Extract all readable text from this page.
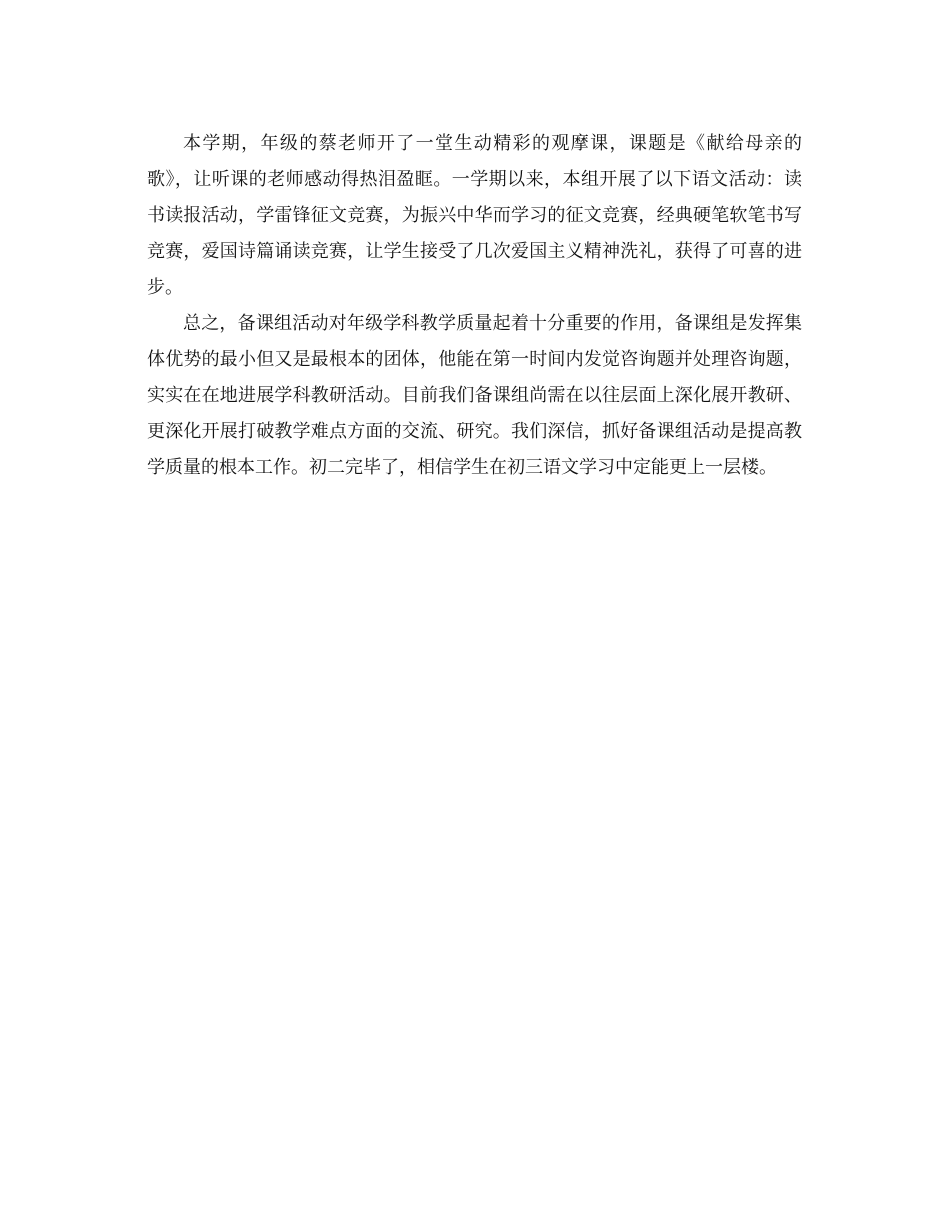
本学期，年级的蔡老师开了一堂生动精彩的观摩课，课题是《献给母亲的歌》，让听课的老师感动得热泪盈眶。一学期以来，本组开展了以下语文活动：读书读报活动，学雷锋征文竞赛，为振兴中华而学习的征文竞赛，经典硬笔软笔书写竞赛，爱国诗篇诵读竞赛，让学生接受了几次爱国主义精神洗礼，获得了可喜的进步。

总之，备课组活动对年级学科教学质量起着十分重要的作用，备课组是发挥集体优势的最小但又是最根本的团体，他能在第一时间内发觉咨询题并处理咨询题，实实在在地进展学科教研活动。目前我们备课组尚需在以往层面上深化展开教研、更深化开展打破教学难点方面的交流、研究。我们深信，抓好备课组活动是提高教学质量的根本工作。初二完毕了，相信学生在初三语文学习中定能更上一层楼。
